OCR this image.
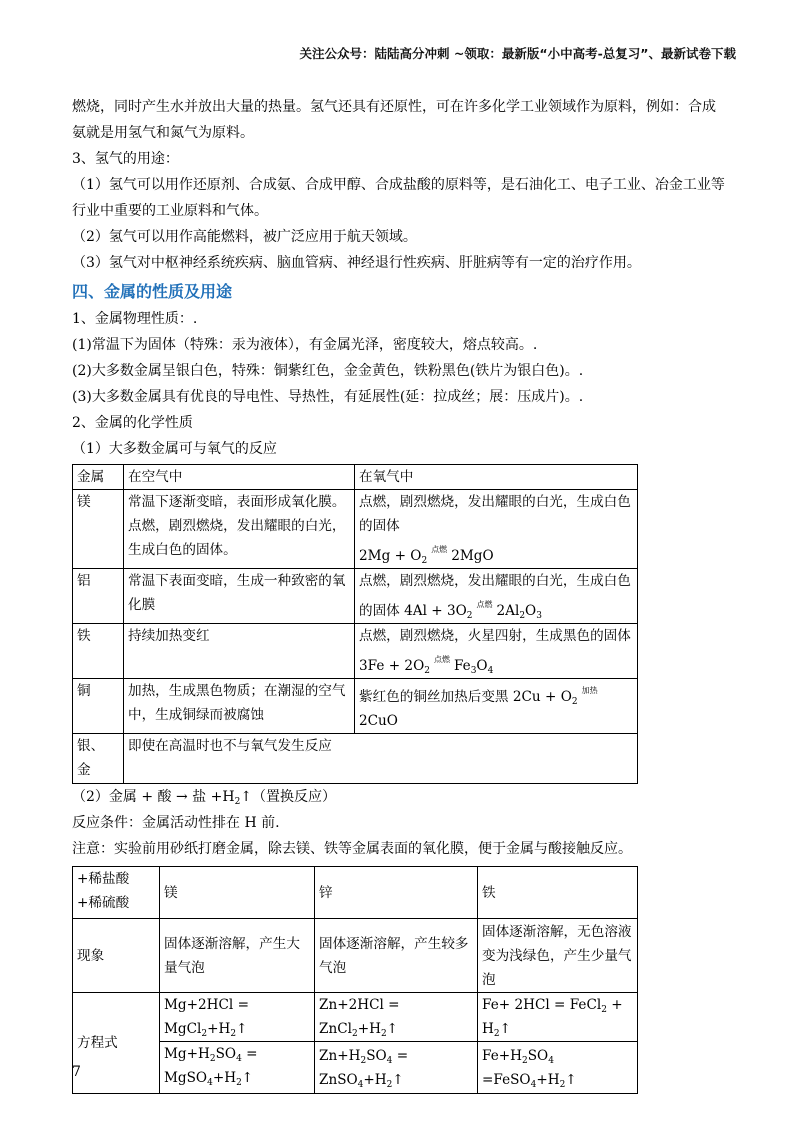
关注公众号：陆陆高分冲刺 ~领取：最新版“小中高考-总复习”、最新试卷下载

燃烧，同时产生水并放出大量的热量。氢气还具有还原性，可在许多化学工业领域作为原料，例如：合成氨就是用氢气和氮气为原料。

3、氢气的用途：

（1）氢气可以用作还原剂、合成氨、合成甲醇、合成盐酸的原料等，是石油化工、电子工业、冶金工业等行业中重要的工业原料和气体。

（2）氢气可以用作高能燃料，被广泛应用于航天领域。

（3）氢气对中枢神经系统疾病、脑血管病、神经退行性疾病、肝脏病等有一定的治疗作用。

四、金属的性质及用途

1、金属物理性质：.

(1)常温下为固体（特殊：汞为液体），有金属光泽，密度较大，熔点较高。.

(2)大多数金属呈银白色，特殊：铜紫红色，金金黄色，铁粉黑色(铁片为银白色)。.

(3)大多数金属具有优良的导电性、导热性，有延展性(延：拉成丝；展：压成片)。.

2、金属的化学性质

（1）大多数金属可与氧气的反应

金属	在空气中	在氧气中
镁	常温下逐渐变暗，表面形成氧化膜。点燃，剧烈燃烧，发出耀眼的白光，生成白色的固体。	点燃，剧烈燃烧，发出耀眼的白光，生成白色的固体
$2Mg + O_2^{点燃}$ 2MgO
铝	常温下表面变暗，生成一种致密的氧化膜	点燃，剧烈燃烧，发出耀眼的白光，生成白色的固体 $4Al + 3O_2^{点燃}$ $2Al_2O_3$
铁	持续加热变红	点燃，剧烈燃烧，火星四射，生成黑色的固体 $3Fe + 2O_2^{点燃}$ $Fe_3O_4$
铜	加热，生成黑色物质；在潮湿的空气中，生成铜绿而被腐蚀	紫红色的铜丝加热后变黑 $2Cu + O_2^{加热}$
2CuO
银、金	即使在高温时也不与氧气发生反应	

（2）金属 + 酸 → 盐 $+H_2↑$（置换反应）

反应条件：金属活动性排在 H 前.

注意：实验前用砂纸打磨金属，除去镁、铁等金属表面的氧化膜，便于金属与酸接触反应。

+稀盐酸
+稀硫酸	镁	锌	铁
现象	固体逐渐溶解，产生大量气泡	固体逐渐溶解，产生较多气泡	固体逐渐溶解，无色溶液变为浅绿色，产生少量气泡
方程式	$Mg+2HCl = MgCl_2+H_2↑$	$Zn+2HCl = ZnCl_2+H_2↑$	Fe+ 2HCl = FeCl$_2$ + $H_2↑$
	$Mg+H_2SO_4$ =
$MgSO_4+H_2↑$	$Zn+H_2SO_4$ = $ZnSO_4+H_2↑$	$Fe+H_2SO_4$ $=FeSO_4+H_2↑$
7
